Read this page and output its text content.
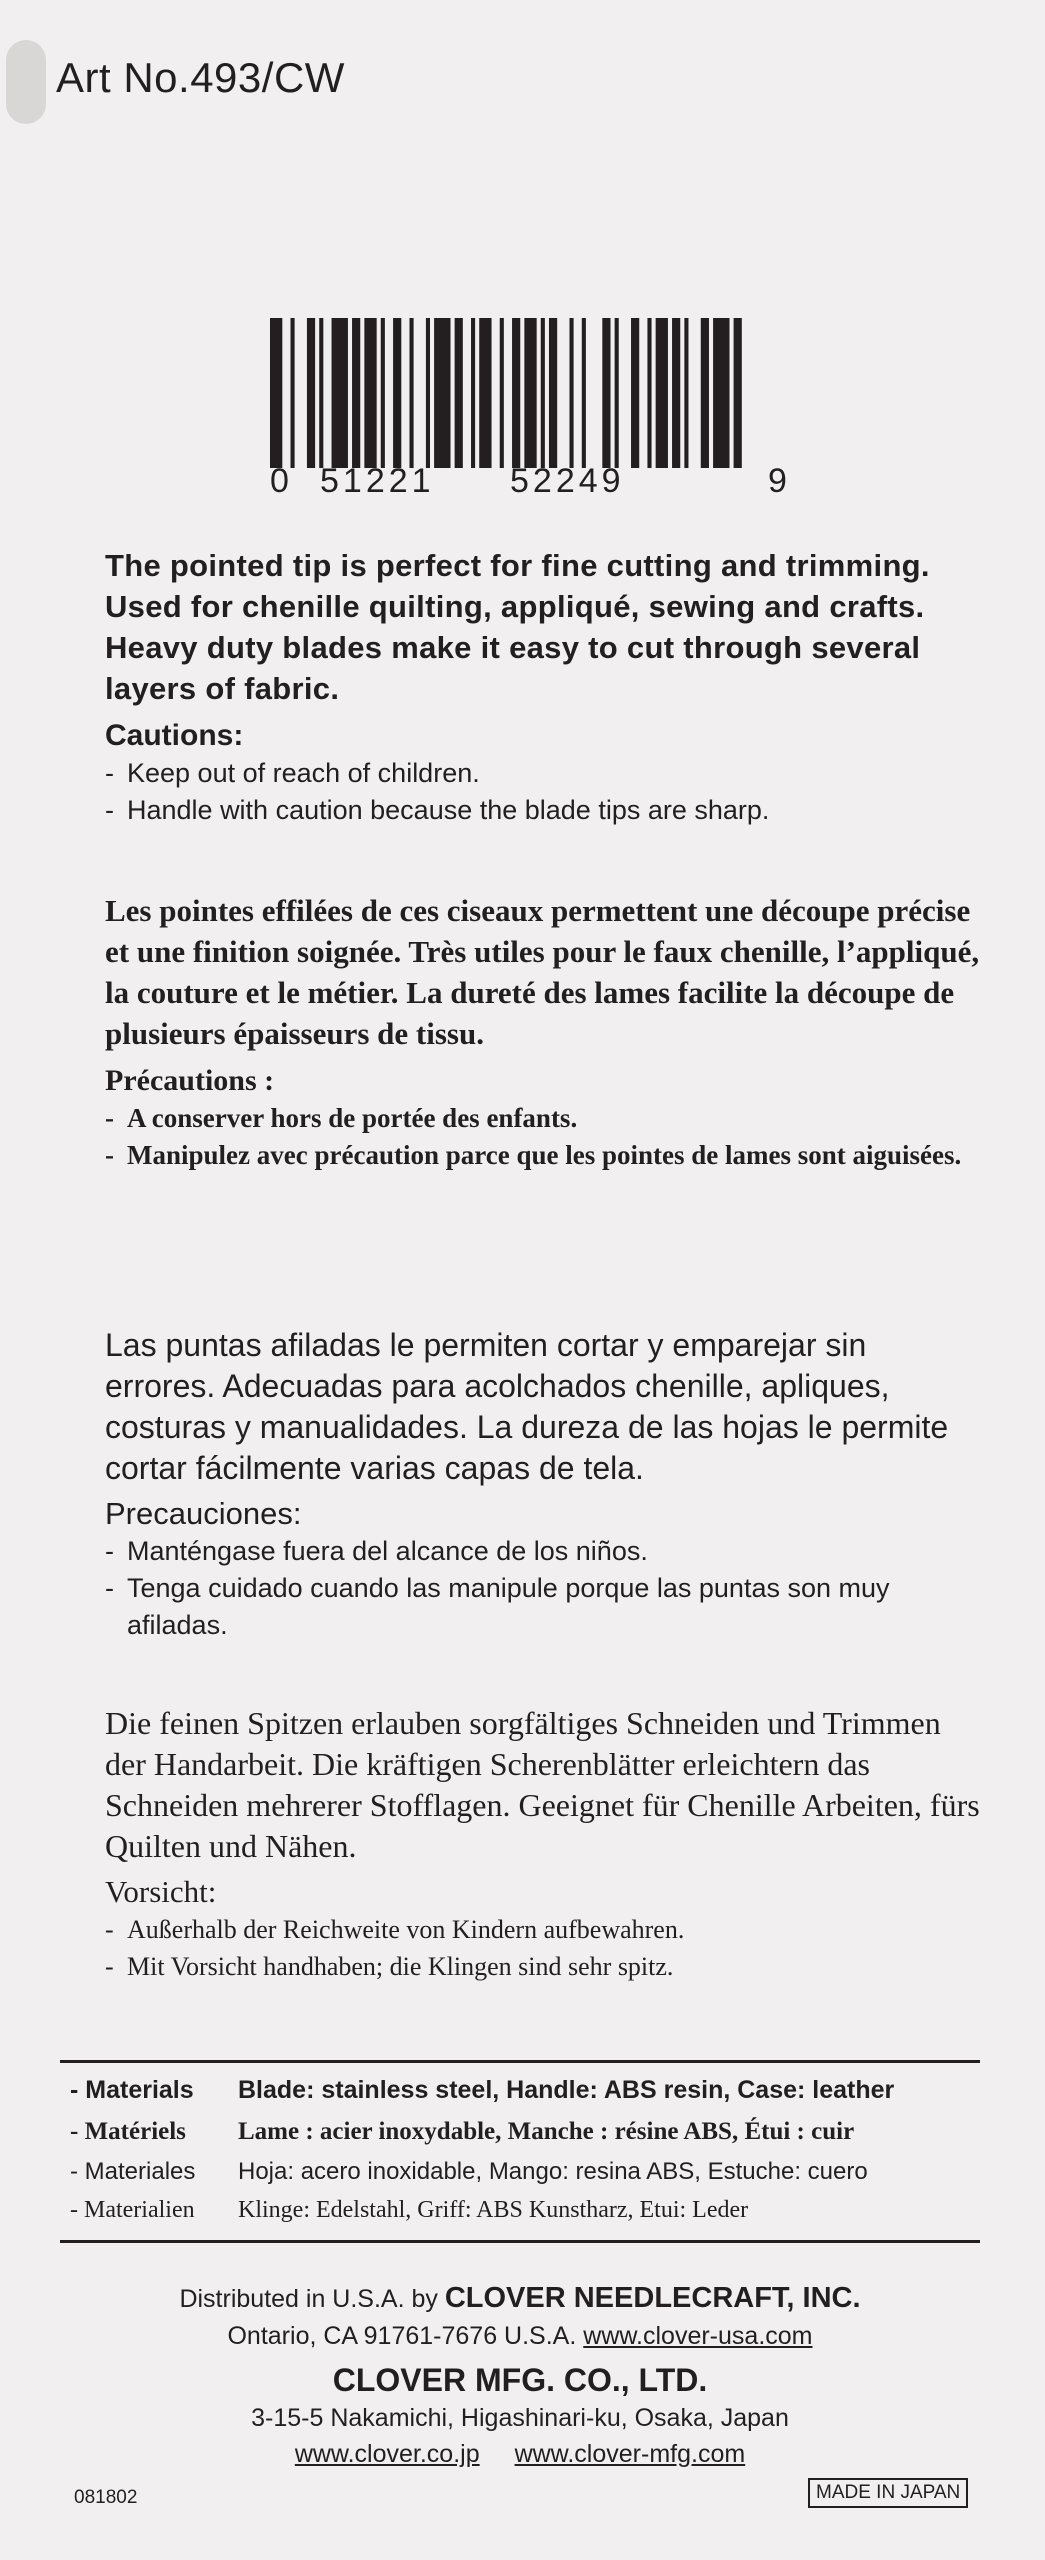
Art No.493/CW
0 51221 52249	9

The pointed tip is perfect for fine cutting and trimming. Used for chenille quilting, appliqué, sewing and crafts. Heavy duty blades make it easy to cut through several layers of fabric.

Cautions:

- Keep out of reach of children.
- Handle with caution because the blade tips are sharp.

Les pointes effilées de ces ciseaux permettent une découpe précise et une finition soignée. Très utiles pour le faux chenille, l’appliqué, la couture et le métier. La dureté des lames facilite la découpe de plusieurs épaisseurs de tissu.

Précautions :

- A conserver hors de portée des enfants.
- Manipulez avec précaution parce que les pointes de lames sont aiguisées.

Las puntas afiladas le permiten cortar y emparejar sin errores. Adecuadas para acolchados chenille, apliques, costuras y manualidades. La dureza de las hojas le permite cortar fácilmente varias capas de tela.

Precauciones:

- Manténgase fuera del alcance de los niños.
- Tenga cuidado cuando las manipule porque las puntas son muy afiladas.

Die feinen Spitzen erlauben sorgfältiges Schneiden und Trimmen der Handarbeit. Die kräftigen Scherenblätter erleichtern das Schneiden mehrerer Stofflagen. Geeignet für Chenille Arbeiten, fürs Quilten und Nähen.

Vorsicht:

- Außerhalb der Reichweite von Kindern aufbewahren.
- Mit Vorsicht handhaben; die Klingen sind sehr spitz.
- Materials	Blade: stainless steel, Handle: ABS resin, Case: leather
- Matériels	Lame : acier inoxydable, Manche : résine ABS, Étui : cuir
- Materiales	Hoja: acero inoxidable, Mango: resina ABS, Estuche: cuero
- Materialien	Klinge: Edelstahl, Griff: ABS Kunstharz, Etui: Leder
Distributed in U.S.A. by CLOVER NEEDLECRAFT, INC.
Ontario, CA 91761-7676 U.S.A. www.clover-usa.com
CLOVER MFG. CO., LTD.
3-15-5 Nakamichi, Higashinari-ku, Osaka, Japan
www.clover.co.jp www.clover-mfg.com
081802	MADE IN JAPAN
